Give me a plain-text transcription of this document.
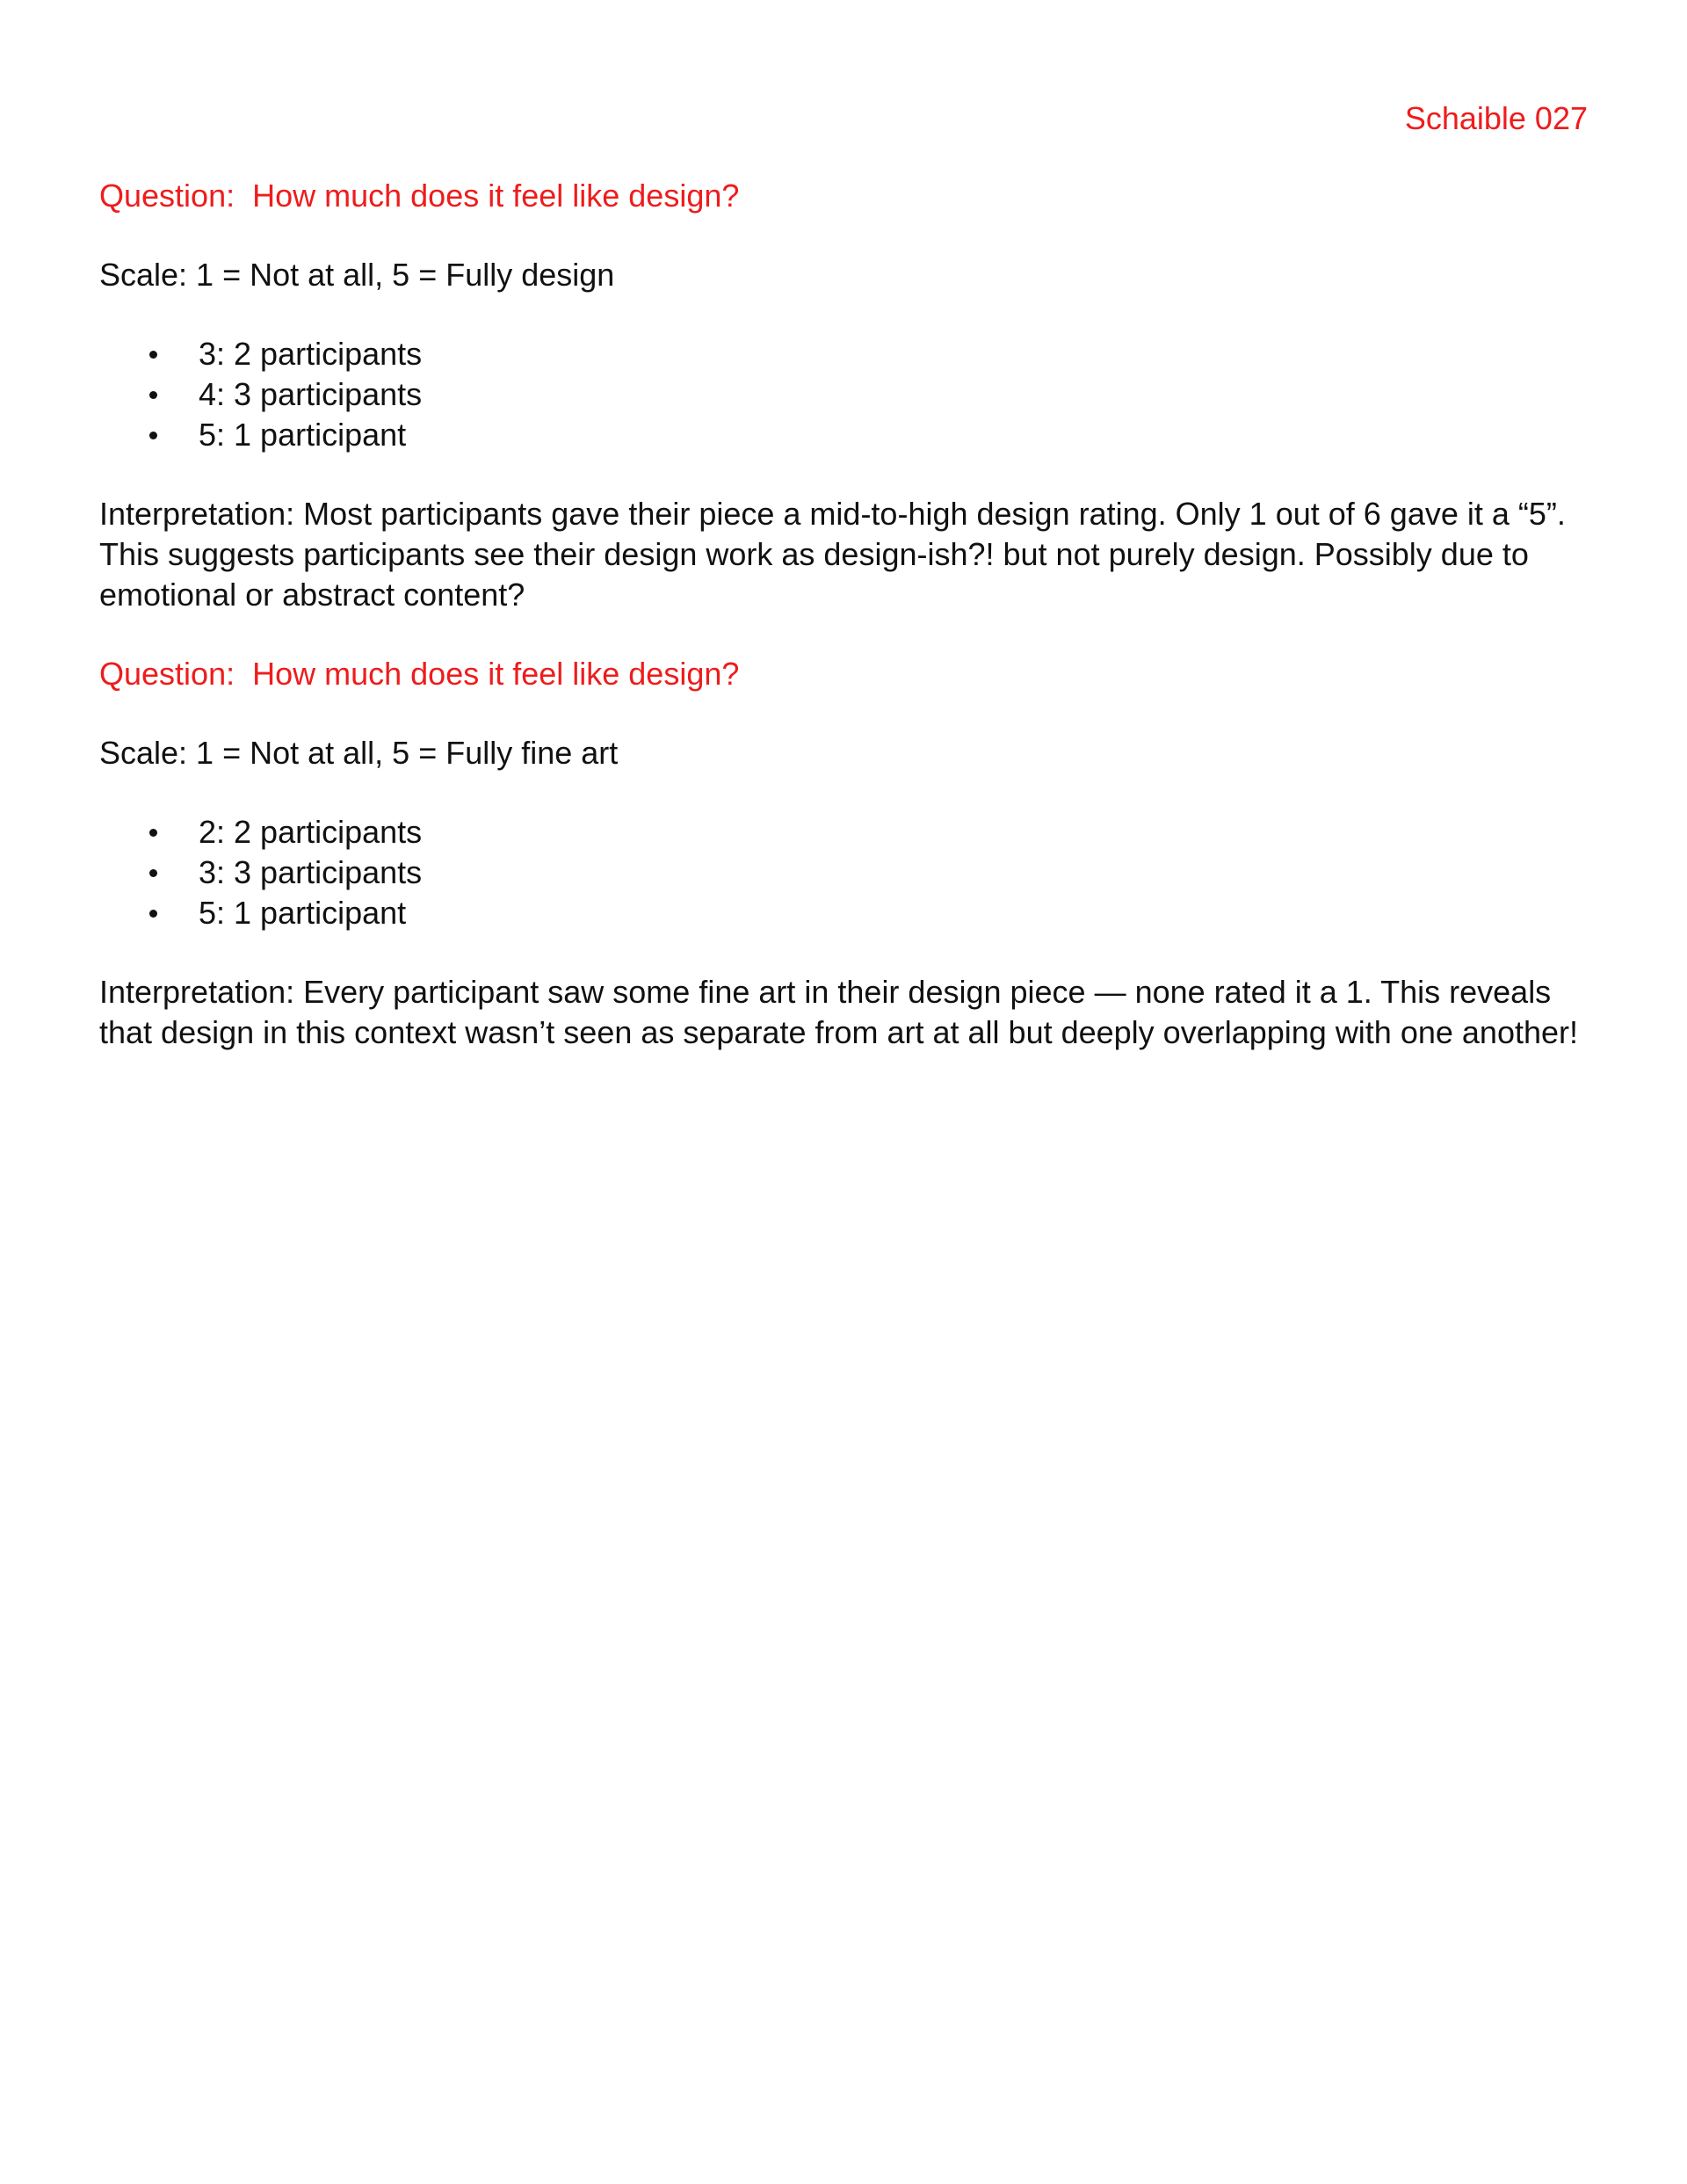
Schaible 027

Question:  How much does it feel like design?

Scale: 1 = Not at all, 5 = Fully design

3: 2 participants
4: 3 participants
5: 1 participant

Interpretation: Most participants gave their piece a mid-to-high design rating. Only 1 out of 6 gave it a “5”. This suggests participants see their design work as design-ish?! but not purely design. Possibly due to emotional or abstract content?

Question:  How much does it feel like design?

Scale: 1 = Not at all, 5 = Fully fine art

2: 2 participants
3: 3 participants
5: 1 participant

Interpretation: Every participant saw some fine art in their design piece — none rated it a 1. This reveals that design in this context wasn’t seen as separate from art at all but deeply overlapping with one another!
